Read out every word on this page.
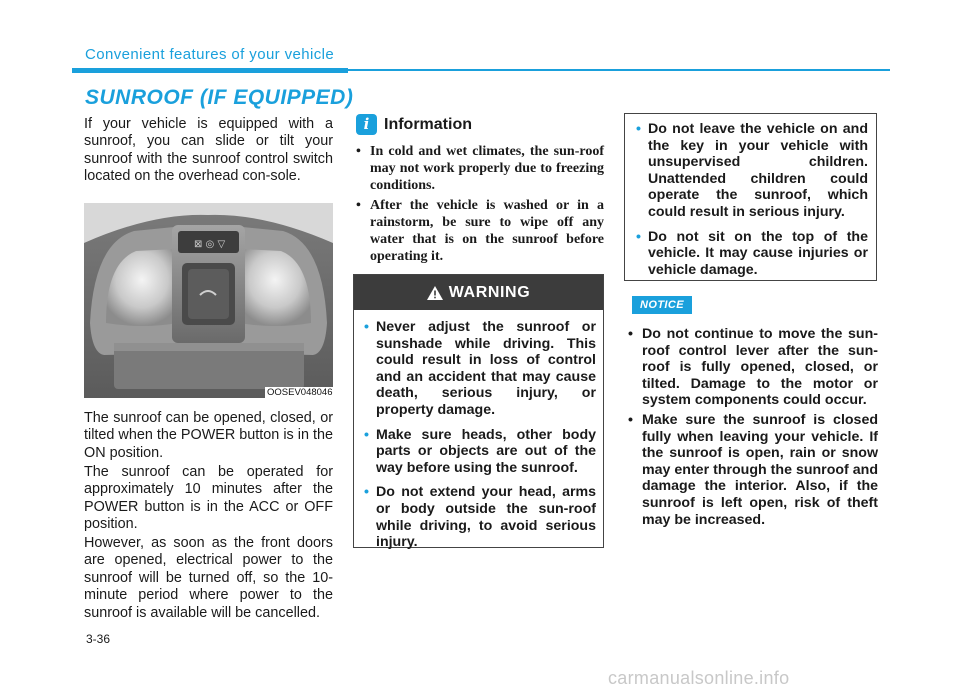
Convenient features of your vehicle
SUNROOF (IF EQUIPPED)
If your vehicle is equipped with a sunroof, you can slide or tilt your sunroof with the sunroof control switch located on the overhead con-sole.
⊠ ◎ ▽
OOSEV048046
The sunroof can be opened, closed, or tilted when the POWER button is in the ON position.
The sunroof can be operated for approximately 10 minutes after the POWER button is in the ACC or OFF position.
However, as soon as the front doors are opened, electrical power to the sunroof will be turned off, so the 10-minute period where power to the sunroof is available will be cancelled.
i Information
• In cold and wet climates, the sun-roof may not work properly due to freezing conditions.
• After the vehicle is washed or in a rainstorm, be sure to wipe off any water that is on the sunroof before operating it.
WARNING
• Never adjust the sunroof or sunshade while driving. This could result in loss of control and an accident that may cause death, serious injury, or property damage.
• Make sure heads, other body parts or objects are out of the way before using the sunroof.
• Do not extend your head, arms or body outside the sun-roof while driving, to avoid serious injury.
• Do not leave the vehicle on and the key in your vehicle with unsupervised children. Unattended children could operate the sunroof, which could result in serious injury.
• Do not sit on the top of the vehicle. It may cause injuries or vehicle damage.
NOTICE
• Do not continue to move the sun-roof control lever after the sun-roof is fully opened, closed, or tilted. Damage to the motor or system components could occur.
• Make sure the sunroof is closed fully when leaving your vehicle. If the sunroof is open, rain or snow may enter through the sunroof and damage the interior. Also, if the sunroof is left open, risk of theft may be increased.
3-36
carmanualsonline.info
